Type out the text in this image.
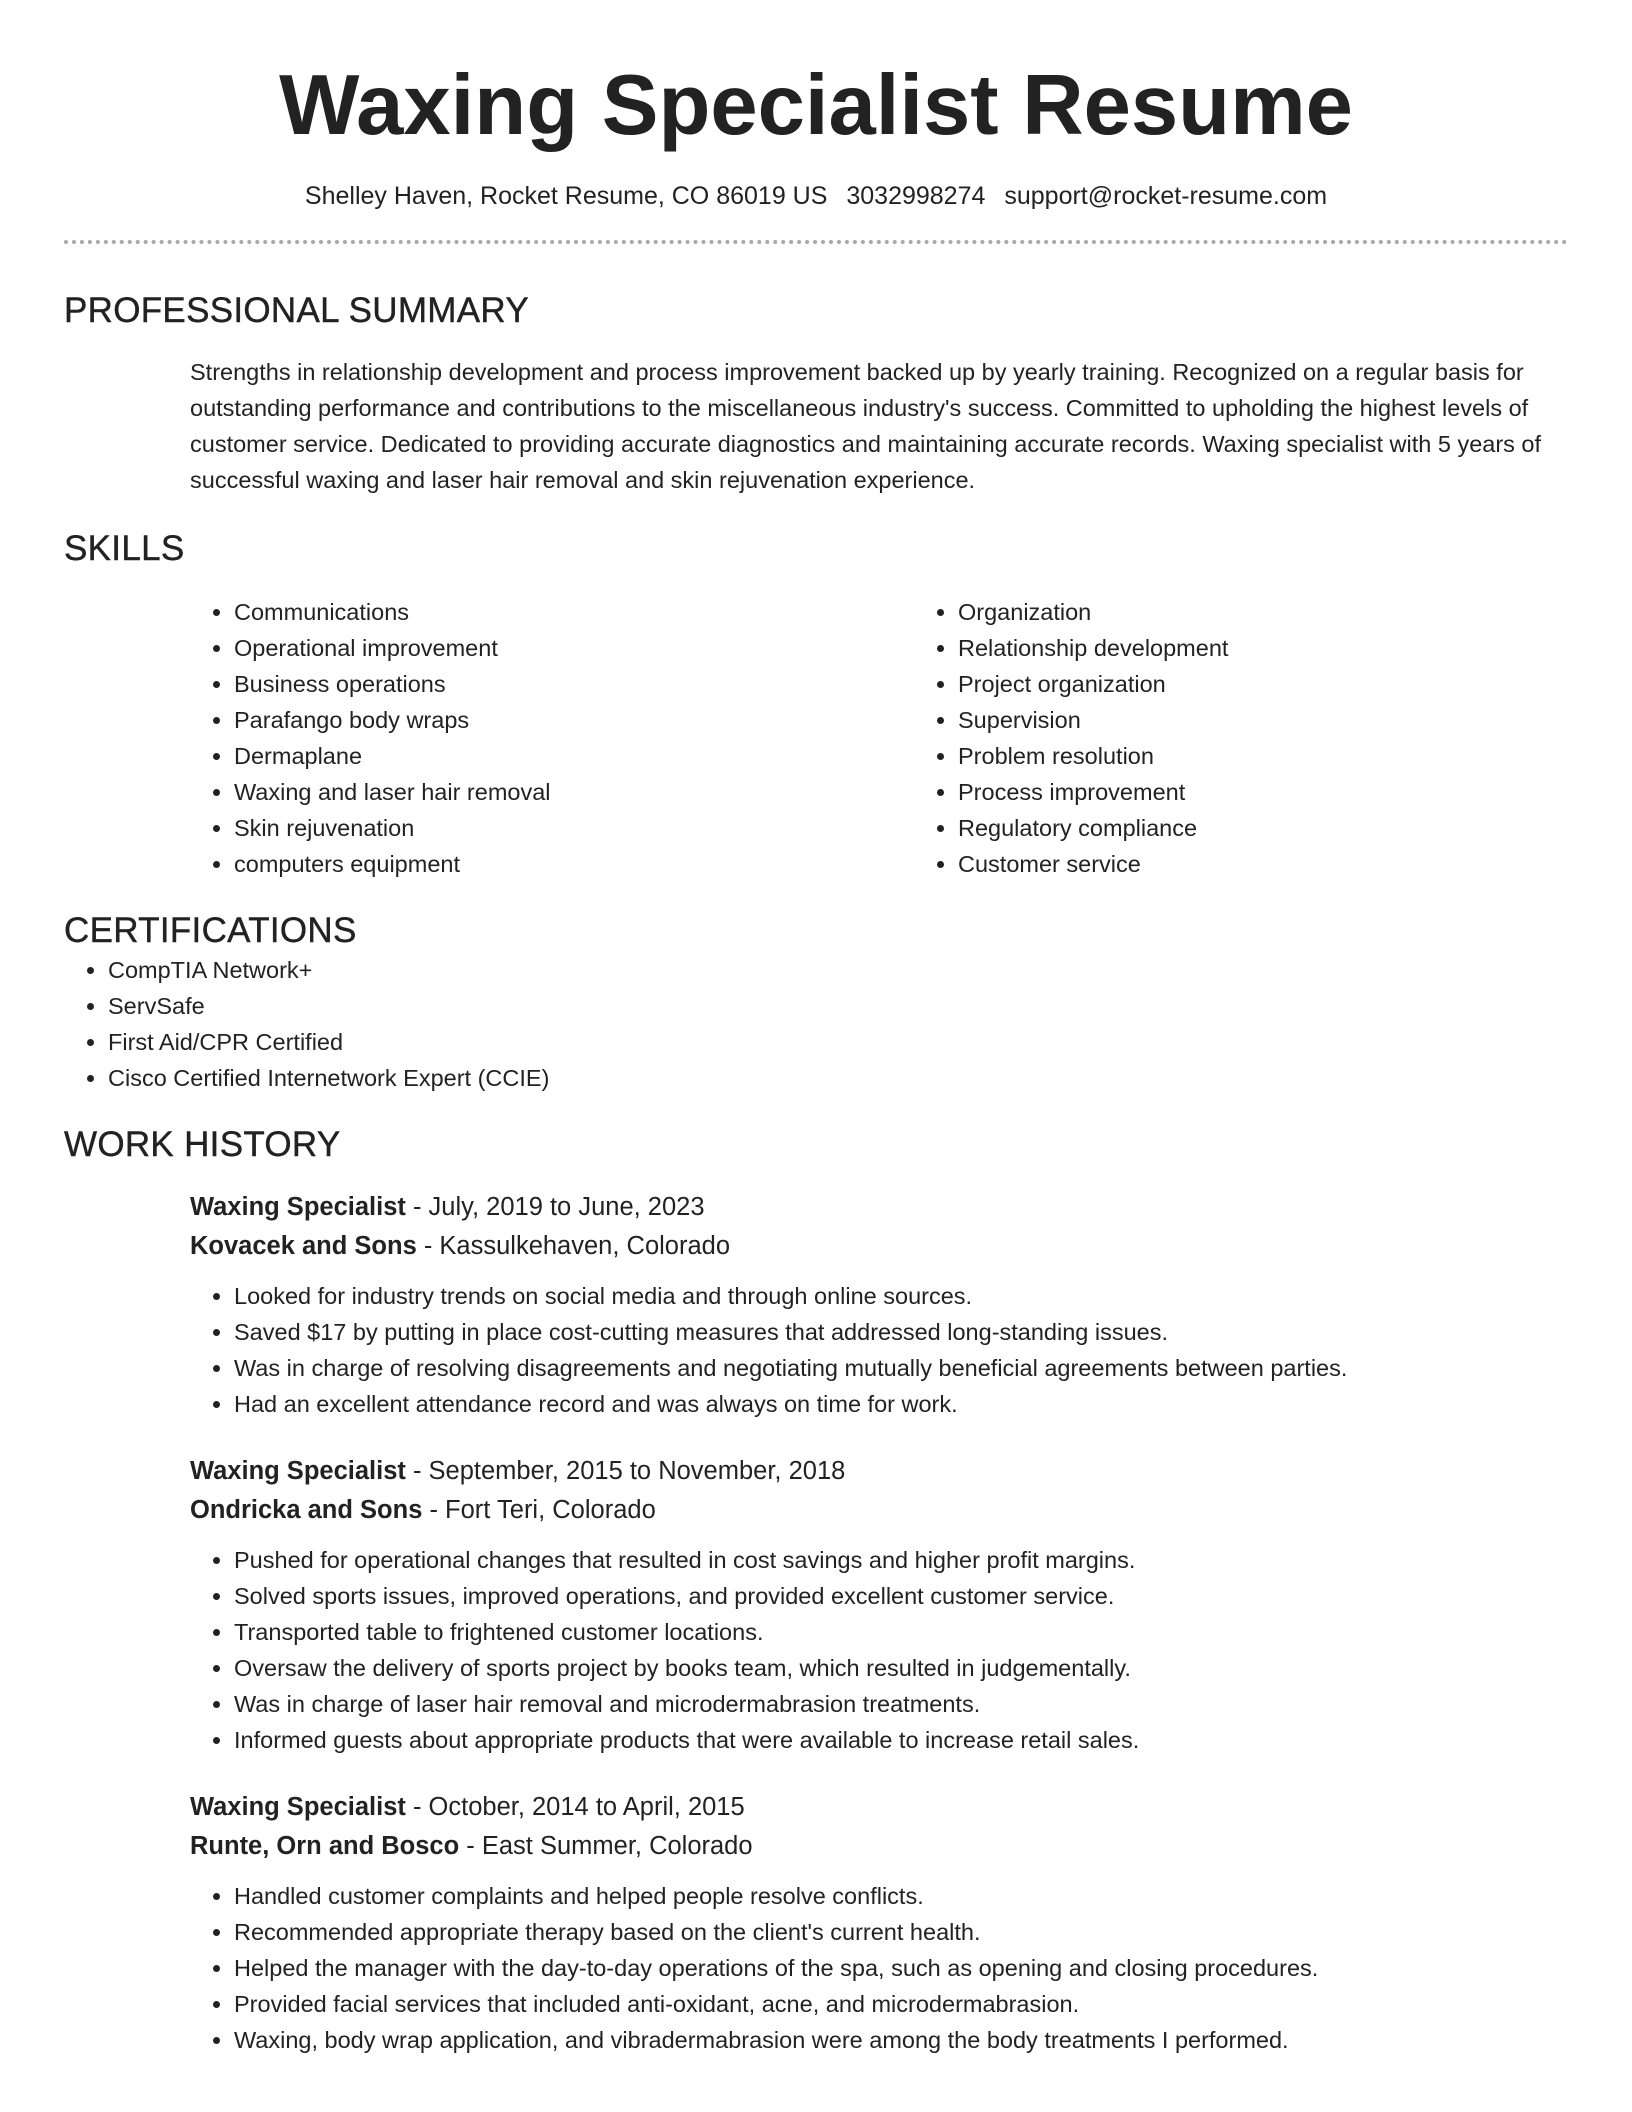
Waxing Specialist Resume
Shelley Haven, Rocket Resume, CO 86019 US 3032998274 support@rocket-resume.com
PROFESSIONAL SUMMARY

Strengths in relationship development and process improvement backed up by yearly training. Recognized on a regular basis for outstanding performance and contributions to the miscellaneous industry's success. Committed to upholding the highest levels of customer service. Dedicated to providing accurate diagnostics and maintaining accurate records. Waxing specialist with 5 years of successful waxing and laser hair removal and skin rejuvenation experience.

SKILLS
• Communications
• Operational improvement
• Business operations
• Parafango body wraps
• Dermaplane
• Waxing and laser hair removal
• Skin rejuvenation
• computers equipment
• Organization
• Relationship development
• Project organization
• Supervision
• Problem resolution
• Process improvement
• Regulatory compliance
• Customer service
CERTIFICATIONS
• CompTIA Network+
• ServSafe
• First Aid/CPR Certified
• Cisco Certified Internetwork Expert (CCIE)
WORK HISTORY
Waxing Specialist - July, 2019 to June, 2023
Kovacek and Sons - Kassulkehaven, Colorado
• Looked for industry trends on social media and through online sources.
• Saved $17 by putting in place cost-cutting measures that addressed long-standing issues.
• Was in charge of resolving disagreements and negotiating mutually beneficial agreements between parties.
• Had an excellent attendance record and was always on time for work.
Waxing Specialist - September, 2015 to November, 2018
Ondricka and Sons - Fort Teri, Colorado
• Pushed for operational changes that resulted in cost savings and higher profit margins.
• Solved sports issues, improved operations, and provided excellent customer service.
• Transported table to frightened customer locations.
• Oversaw the delivery of sports project by books team, which resulted in judgementally.
• Was in charge of laser hair removal and microdermabrasion treatments.
• Informed guests about appropriate products that were available to increase retail sales.
Waxing Specialist - October, 2014 to April, 2015
Runte, Orn and Bosco - East Summer, Colorado
• Handled customer complaints and helped people resolve conflicts.
• Recommended appropriate therapy based on the client's current health.
• Helped the manager with the day-to-day operations of the spa, such as opening and closing procedures.
• Provided facial services that included anti-oxidant, acne, and microdermabrasion.
• Waxing, body wrap application, and vibradermabrasion were among the body treatments I performed.
